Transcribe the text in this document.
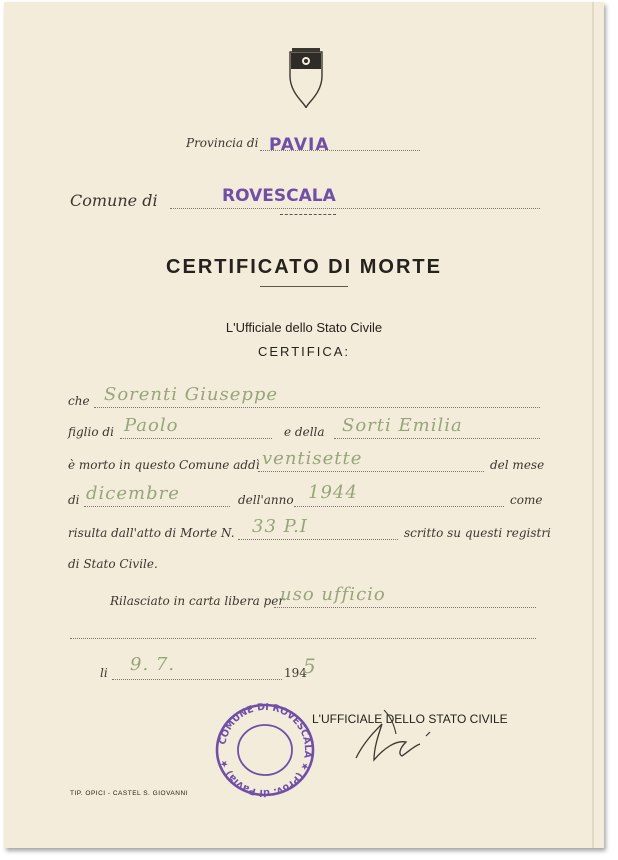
Provincia di PAVIA
Comune di	ROVESCALA
CERTIFICATO DI MORTE
L'Ufficiale dello Stato Civile
CERTIFICA:
che Sorenti Giuseppe
figlio di Paolo	e della Sorti Emilia
è morto in questo Comune addì ventisette	del mese
di dicembre	dell'anno 1944	come
risulta dall'atto di Morte N. 33 P.I	scritto su questi registri
di Stato Civile.
Rilasciato in carta libera per
uso ufficio
li 9. 7.	194
5
L'UFFICIALE DELLO STATO CIVILE
COMUNE DI ROVESCALA ★ (Prov. di Pavia) ★
TIP. OPICI - CASTEL S. GIOVANNI
